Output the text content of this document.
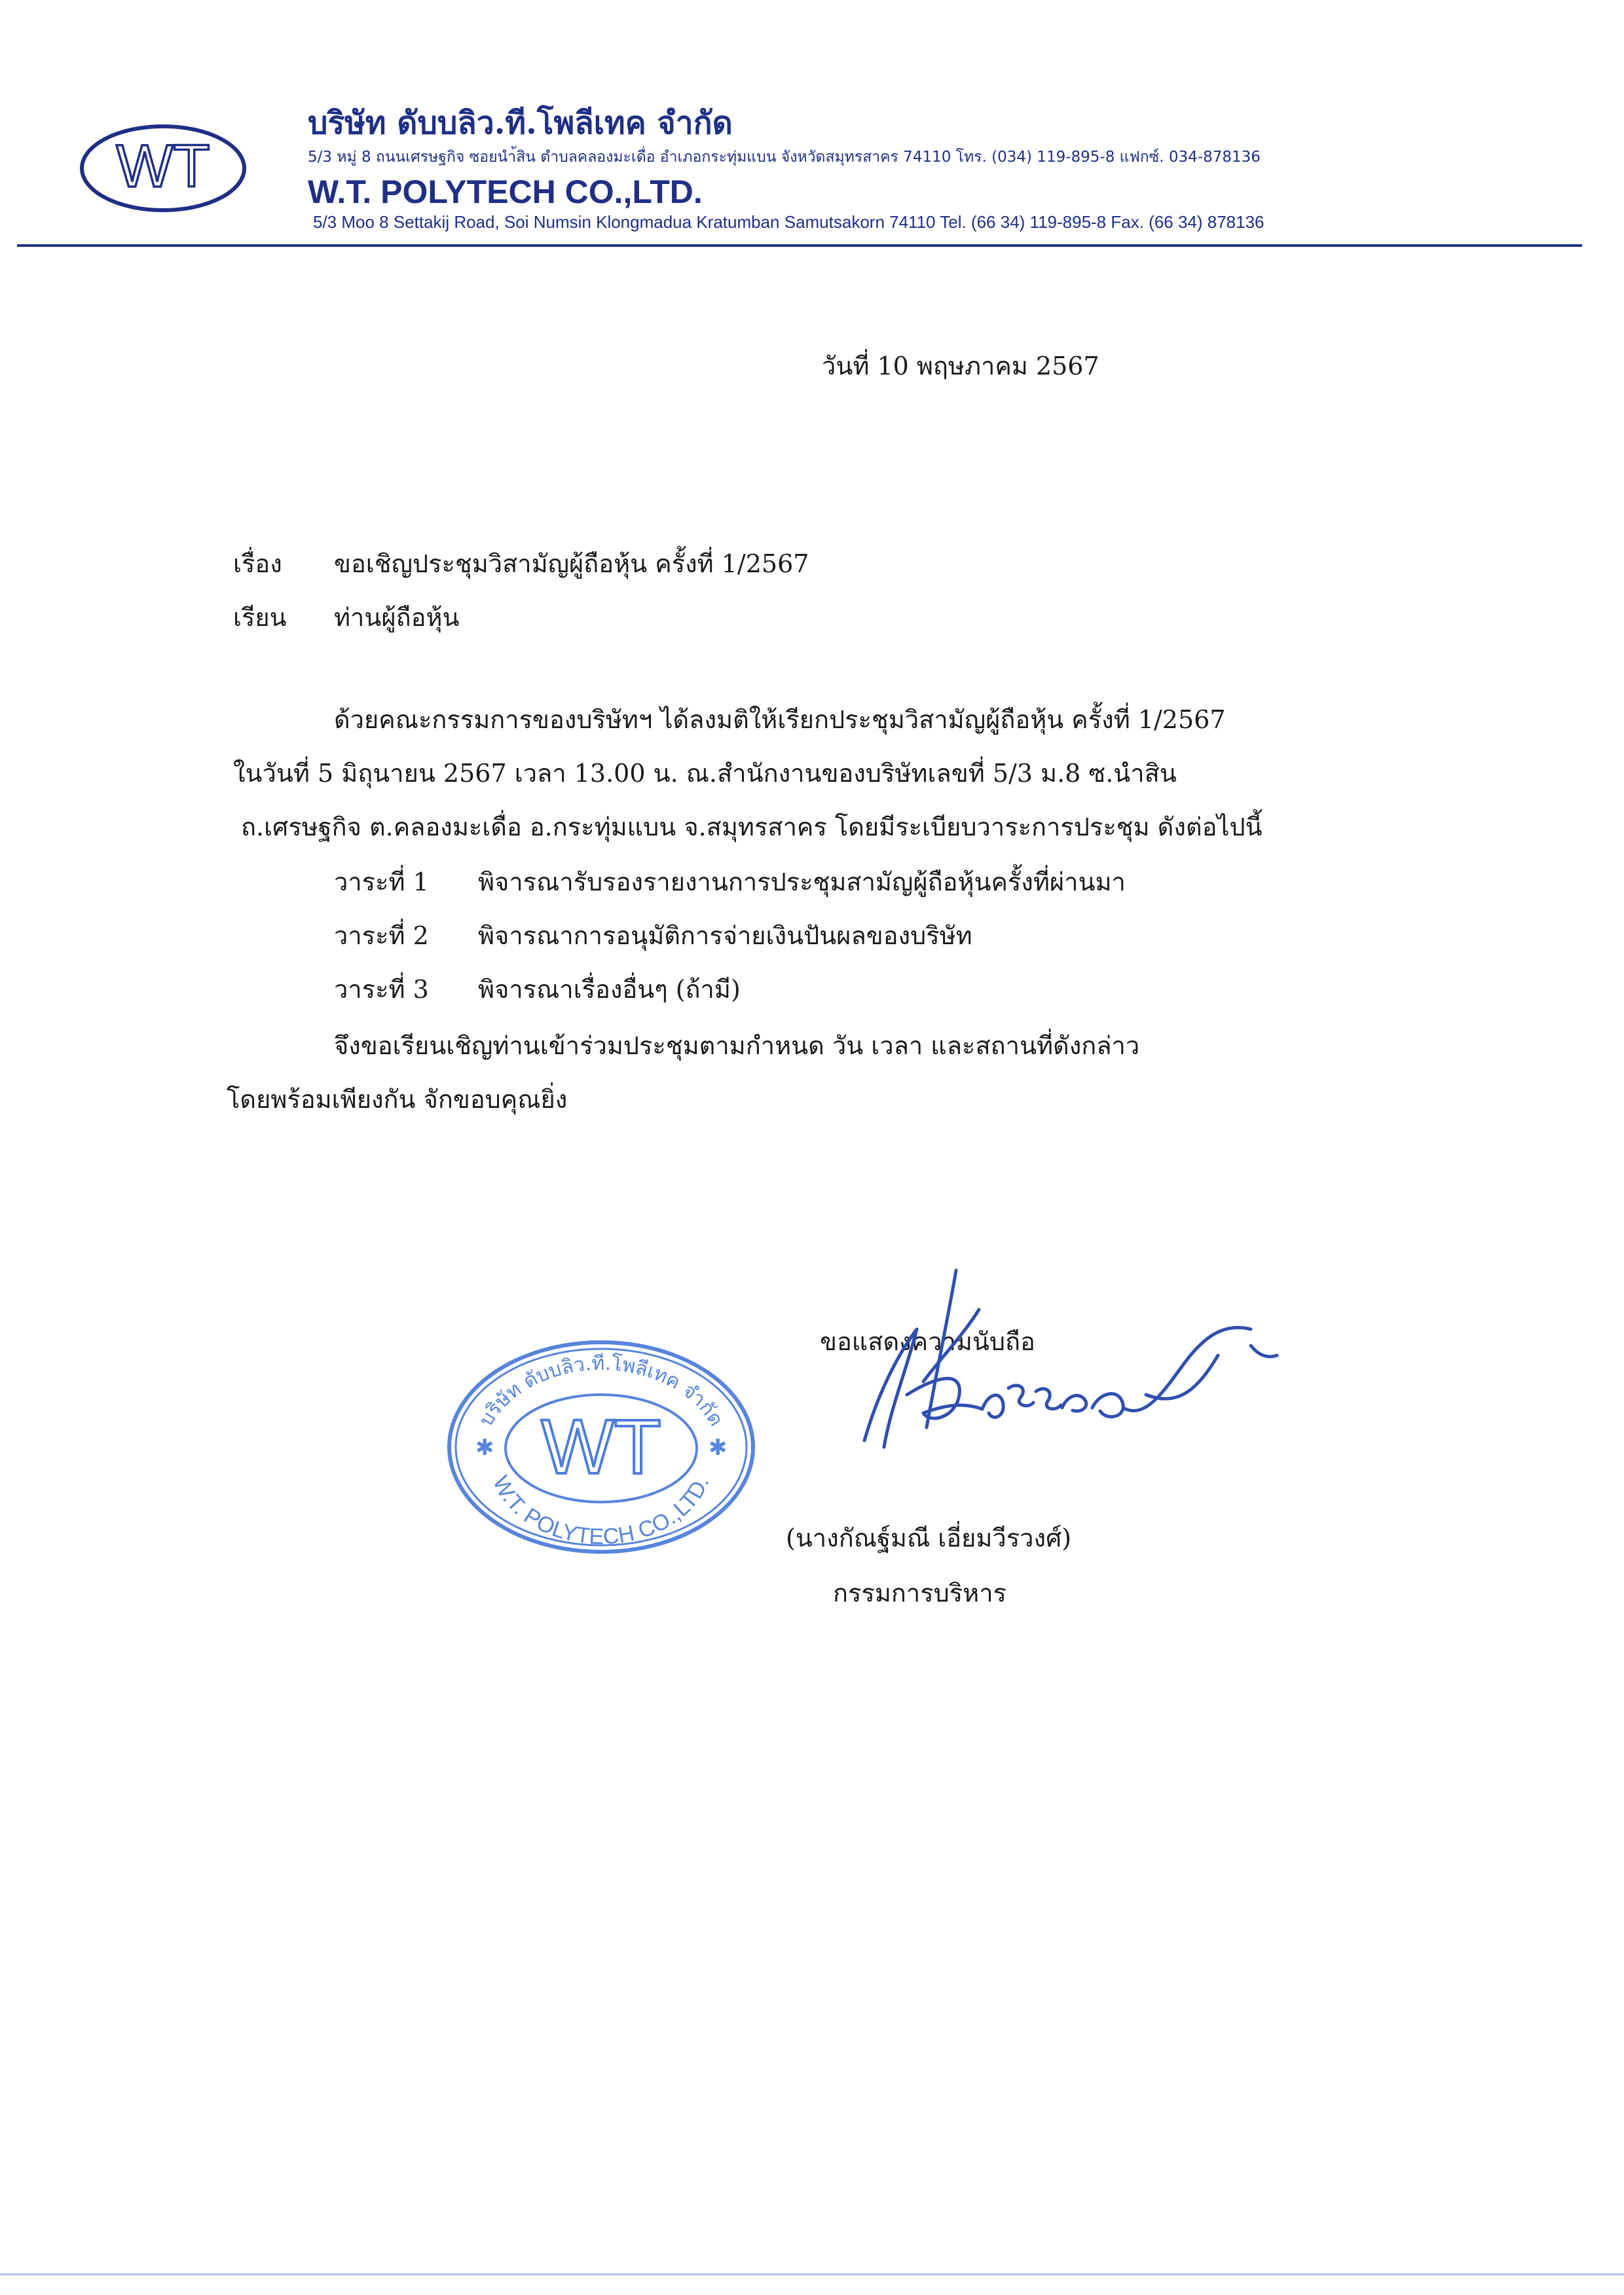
WT
บริษัท ดับบลิว.ที.โพลีเทค จำกัด
5/3 หมู่ 8 ถนนเศรษฐกิจ ซอยนำ้สิน ตำบลคลองมะเดื่อ อำเภอกระทุ่มแบน จังหวัดสมุทรสาคร 74110 โทร. (034) 119-895-8 แฟกซ์. 034-878136
W.T. POLYTECH CO.,LTD.
5/3 Moo 8 Settakij Road, Soi Numsin Klongmadua Kratumban Samutsakorn 74110 Tel. (66 34) 119-895-8 Fax. (66 34) 878136
วันที่ 10 พฤษภาคม 2567
เรื่อง ขอเชิญประชุมวิสามัญผู้ถือหุ้น ครั้งที่ 1/2567
เรียน ท่านผู้ถือหุ้น
ด้วยคณะกรรมการของบริษัทฯ ได้ลงมติให้เรียกประชุมวิสามัญผู้ถือหุ้น ครั้งที่ 1/2567
ในวันที่ 5 มิถุนายน 2567 เวลา 13.00 น. ณ.สำนักงานของบริษัทเลขที่ 5/3 ม.8 ซ.นำสิน
ถ.เศรษฐกิจ ต.คลองมะเดื่อ อ.กระทุ่มแบน จ.สมุทรสาคร โดยมีระเบียบวาระการประชุม ดังต่อไปนี้
วาระที่ 1 พิจารณารับรองรายงานการประชุมสามัญผู้ถือหุ้นครั้งที่ผ่านมา
วาระที่ 2 พิจารณาการอนุมัติการจ่ายเงินปันผลของบริษัท
วาระที่ 3 พิจารณาเรื่องอื่นๆ (ถ้ามี)
จึงขอเรียนเชิญท่านเข้าร่วมประชุมตามกำหนด วัน เวลา และสถานที่ดังกล่าว
โดยพร้อมเพียงกัน จักขอบคุณยิ่ง
บริษัท ดับบลิว.ที.โพลีเทค จำกัด
W.T. POLYTECH CO.,LTD.
WT
✱	✱
ขอแสดงความนับถือ
(นางกัณฐ์มณี เอี่ยมวีรวงศ์)
กรรมการบริหาร
